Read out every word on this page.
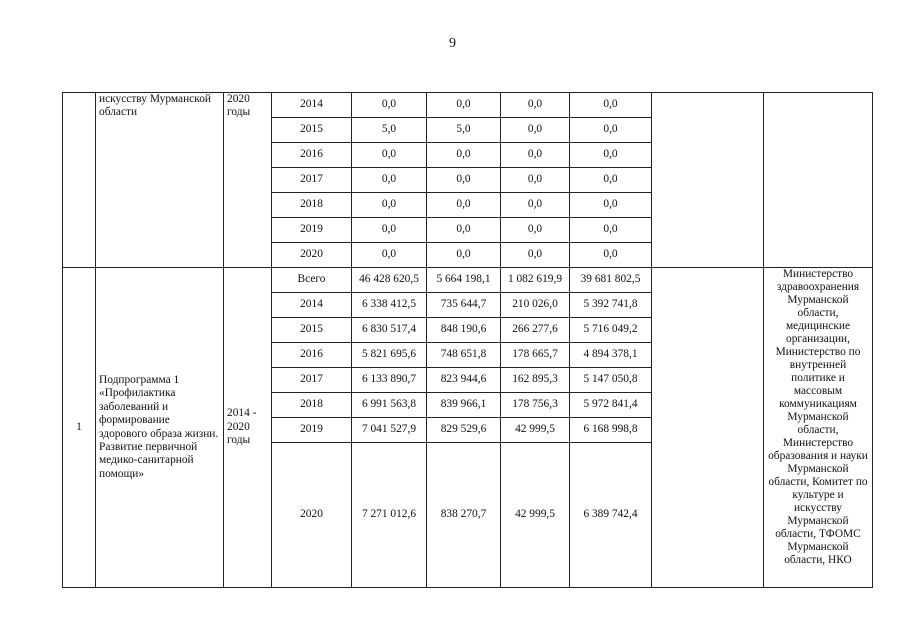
9
	искусству Мурманской области	2020 годы	2014	0,0	0,0	0,0	0,0		
			2015	5,0	5,0	0,0	0,0		
			2016	0,0	0,0	0,0	0,0		
			2017	0,0	0,0	0,0	0,0		
			2018	0,0	0,0	0,0	0,0		
			2019	0,0	0,0	0,0	0,0		
			2020	0,0	0,0	0,0	0,0		
1	Подпрограмма 1 «Профилактика заболеваний и формирование здорового образа жизни. Развитие первичной медико-санитарной помощи»	2014 - 2020 годы	Всего	46 428 620,5	5 664 198,1	1 082 619,9	39 681 802,5		Министерство здравоохранения Мурманской области, медицинские организации, Министерство по внутренней политике и массовым коммуникациям Мурманской области, Министерство образования и науки Мурманской области, Комитет по культуре и искусству Мурманской области, ТФОМС Мурманской области, НКО
			2014	6 338 412,5	735 644,7	210 026,0	5 392 741,8		
			2015	6 830 517,4	848 190,6	266 277,6	5 716 049,2		
			2016	5 821 695,6	748 651,8	178 665,7	4 894 378,1		
			2017	6 133 890,7	823 944,6	162 895,3	5 147 050,8		
			2018	6 991 563,8	839 966,1	178 756,3	5 972 841,4		
			2019	7 041 527,9	829 529,6	42 999,5	6 168 998,8		
			2020	7 271 012,6	838 270,7	42 999,5	6 389 742,4		
